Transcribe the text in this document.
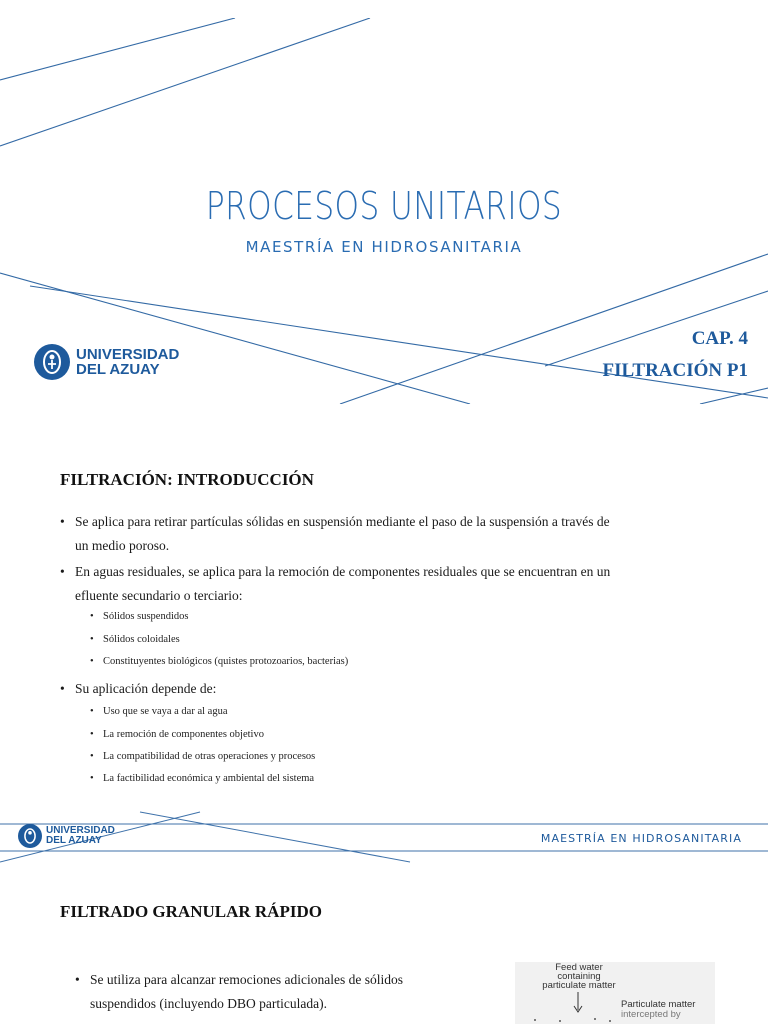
PROCESOS UNITARIOS
MAESTRÍA EN HIDROSANITARIA
CAP. 4
FILTRACIÓN P1
UNIVERSIDAD
DEL AZUAY
FILTRACIÓN: INTRODUCCIÓN
• Se aplica para retirar partículas sólidas en suspensión mediante el paso de la suspensión a través de
un medio poroso.
• En aguas residuales, se aplica para la remoción de componentes residuales que se encuentran en un
efluente secundario o terciario:
• Sólidos suspendidos
• Sólidos coloidales
• Constituyentes biológicos (quistes protozoarios, bacterias)
• Su aplicación depende de:
• Uso que se vaya a dar al agua
• La remoción de componentes objetivo
• La compatibilidad de otras operaciones y procesos
• La factibilidad económica y ambiental del sistema
UNIVERSIDAD
DEL AZUAY	MAESTRÍA EN HIDROSANITARIA
FILTRADO GRANULAR RÁPIDO
• Se utiliza para alcanzar remociones adicionales de sólidos
suspendidos (incluyendo DBO particulada).
Feed water
containing
particulate matter
Particulate matter
intercepted by
